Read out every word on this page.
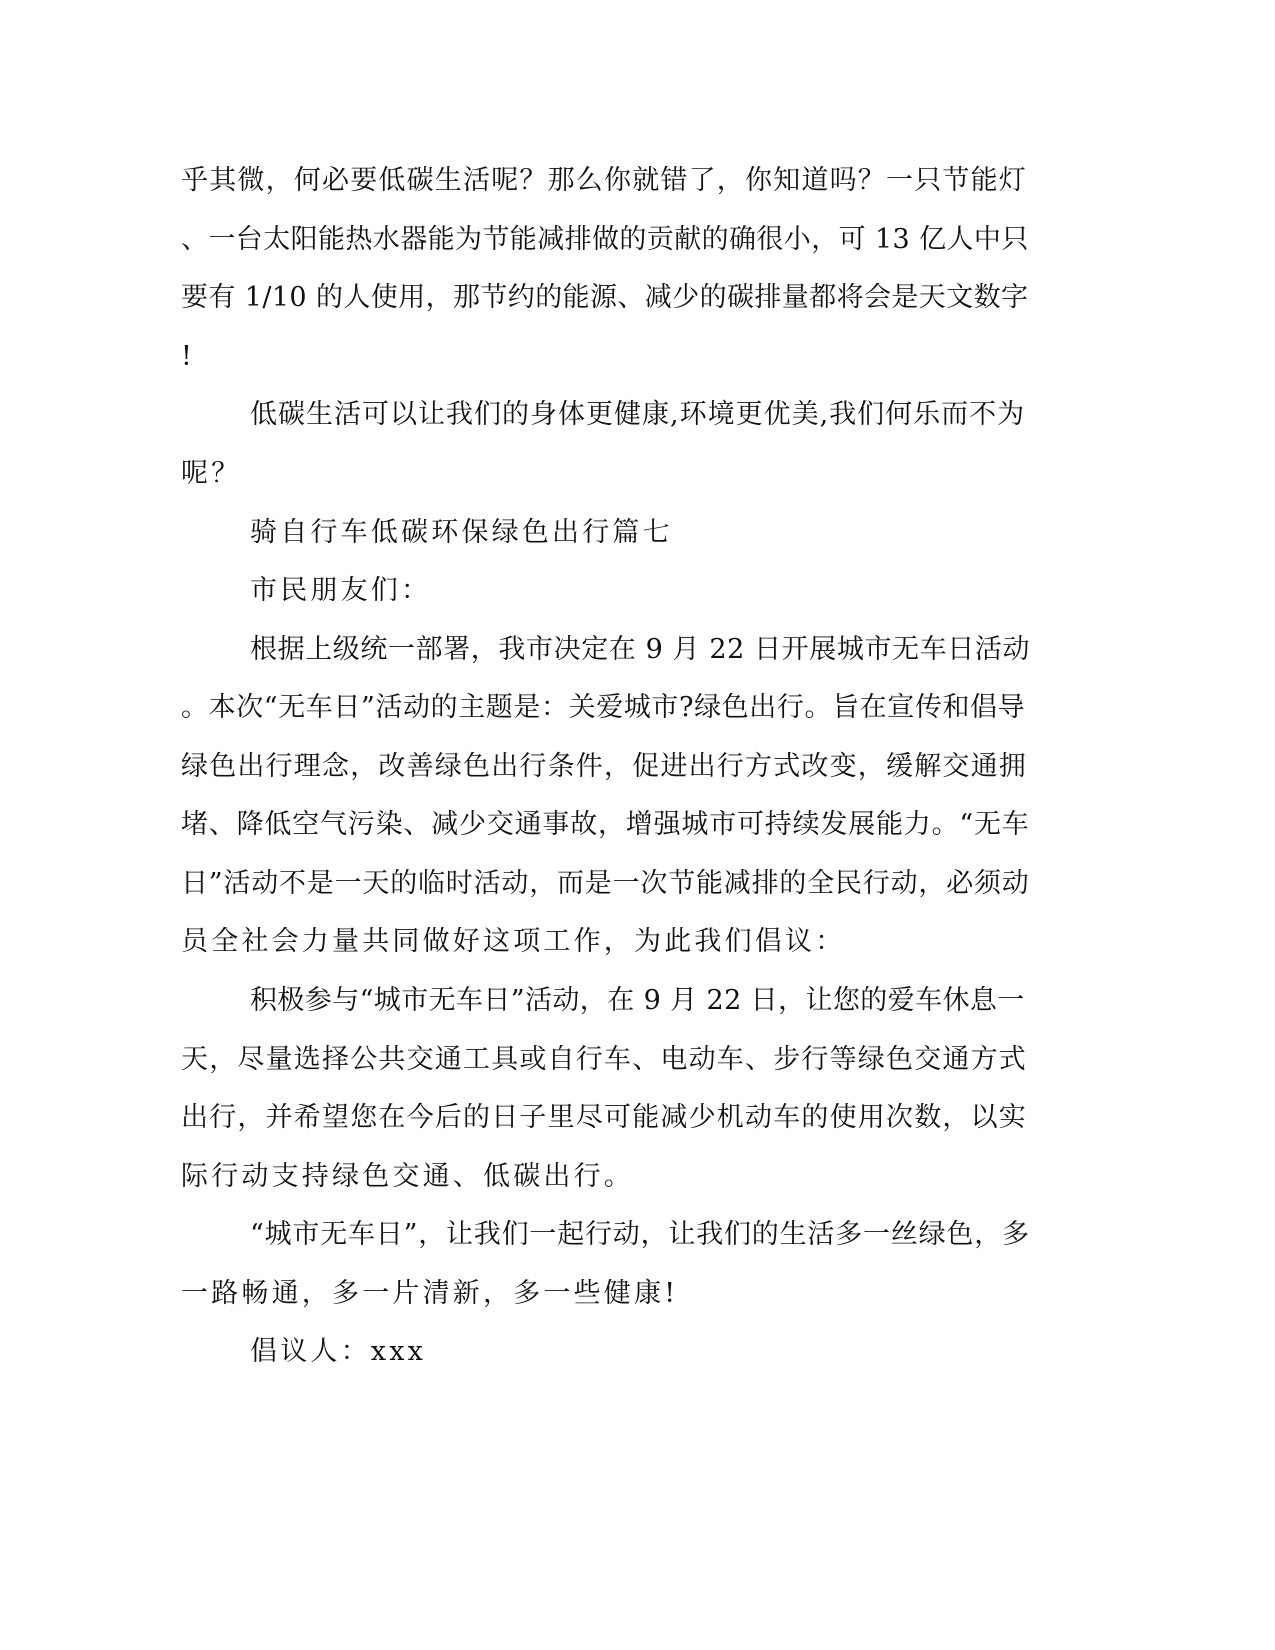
乎其微，何必要低碳生活呢？那么你就错了，你知道吗？一只节能灯
、一台太阳能热水器能为节能减排做的贡献的确很小，可 13 亿人中只
要有 1/10 的人使用，那节约的能源、减少的碳排量都将会是天文数字
!
低碳生活可以让我们的身体更健康,环境更优美,我们何乐而不为
呢？
骑自行车低碳环保绿色出行篇七
市民朋友们：
根据上级统一部署，我市决定在 9 月 22 日开展城市无车日活动
。本次“无车日”活动的主题是：关爱城市?绿色出行。旨在宣传和倡导
绿色出行理念，改善绿色出行条件，促进出行方式改变，缓解交通拥
堵、降低空气污染、减少交通事故，增强城市可持续发展能力。“无车
日”活动不是一天的临时活动，而是一次节能减排的全民行动，必须动
员全社会力量共同做好这项工作，为此我们倡议：
积极参与“城市无车日”活动，在 9 月 22 日，让您的爱车休息一
天，尽量选择公共交通工具或自行车、电动车、步行等绿色交通方式
出行，并希望您在今后的日子里尽可能减少机动车的使用次数，以实
际行动支持绿色交通、低碳出行。
“城市无车日”，让我们一起行动，让我们的生活多一丝绿色，多
一路畅通，多一片清新，多一些健康!
倡议人：xxx
